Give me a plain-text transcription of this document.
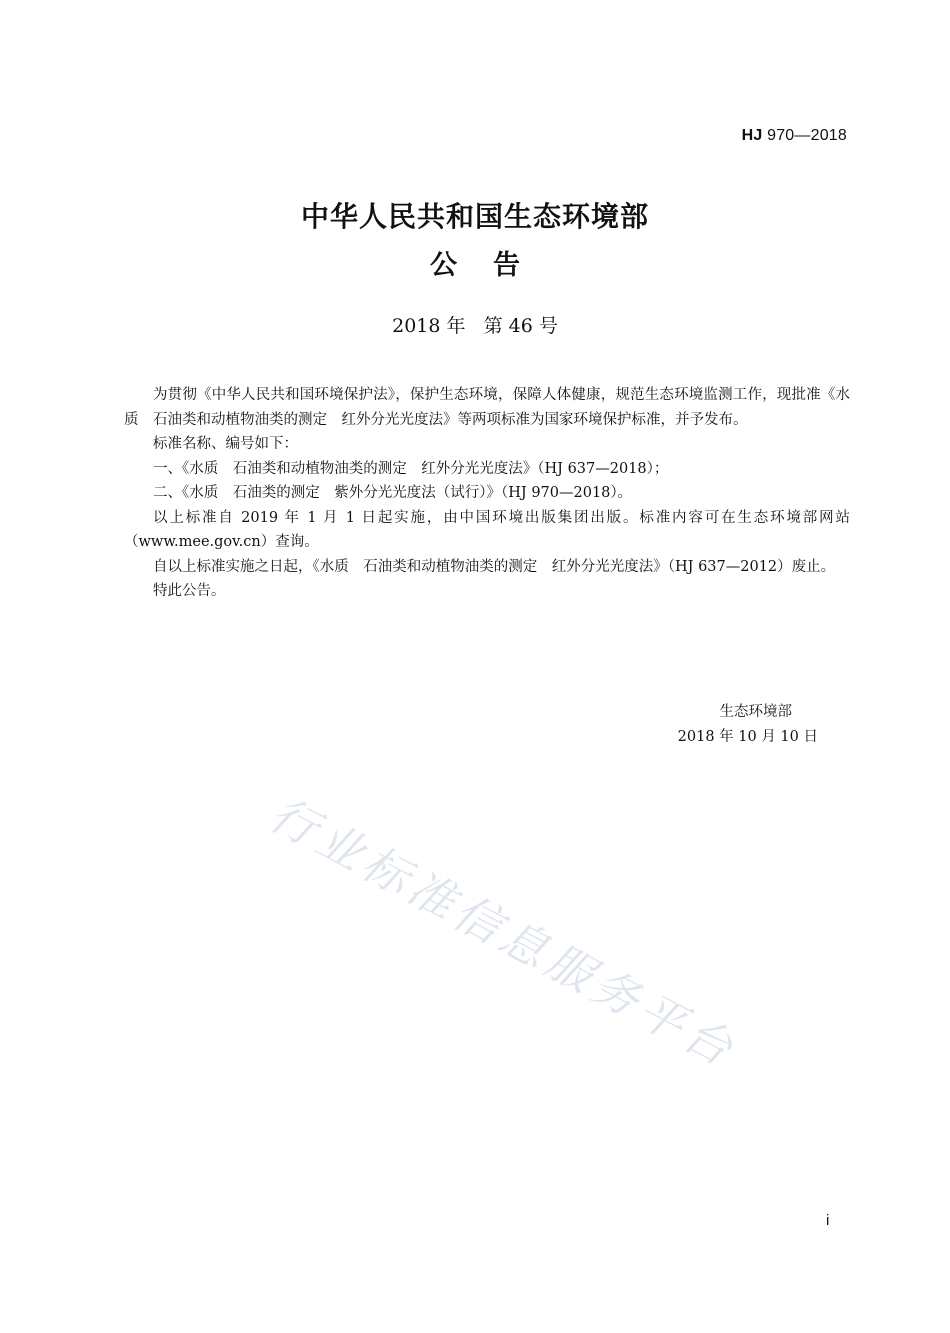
HJ 970—2018
中华人民共和国生态环境部
公告
2018 年   第 46 号

为贯彻《中华人民共和国环境保护法》，保护生态环境，保障人体健康，规范生态环境监测工作，现批准《水质　石油类和动植物油类的测定　红外分光光度法》等两项标准为国家环境保护标准，并予发布。

标准名称、编号如下：

一、《水质　石油类和动植物油类的测定　红外分光光度法》（HJ 637—2018）；

二、《水质　石油类的测定　紫外分光光度法（试行）》（HJ 970—2018）。

以上标准自 2019 年 1 月 1 日起实施，由中国环境出版集团出版。标准内容可在生态环境部网站（www.mee.gov.cn）查询。

自以上标准实施之日起，《水质　石油类和动植物油类的测定　红外分光光度法》（HJ 637—2012）废止。

特此公告。

生态环境部
2018 年 10 月 10 日
行业标准信息服务平台
i
